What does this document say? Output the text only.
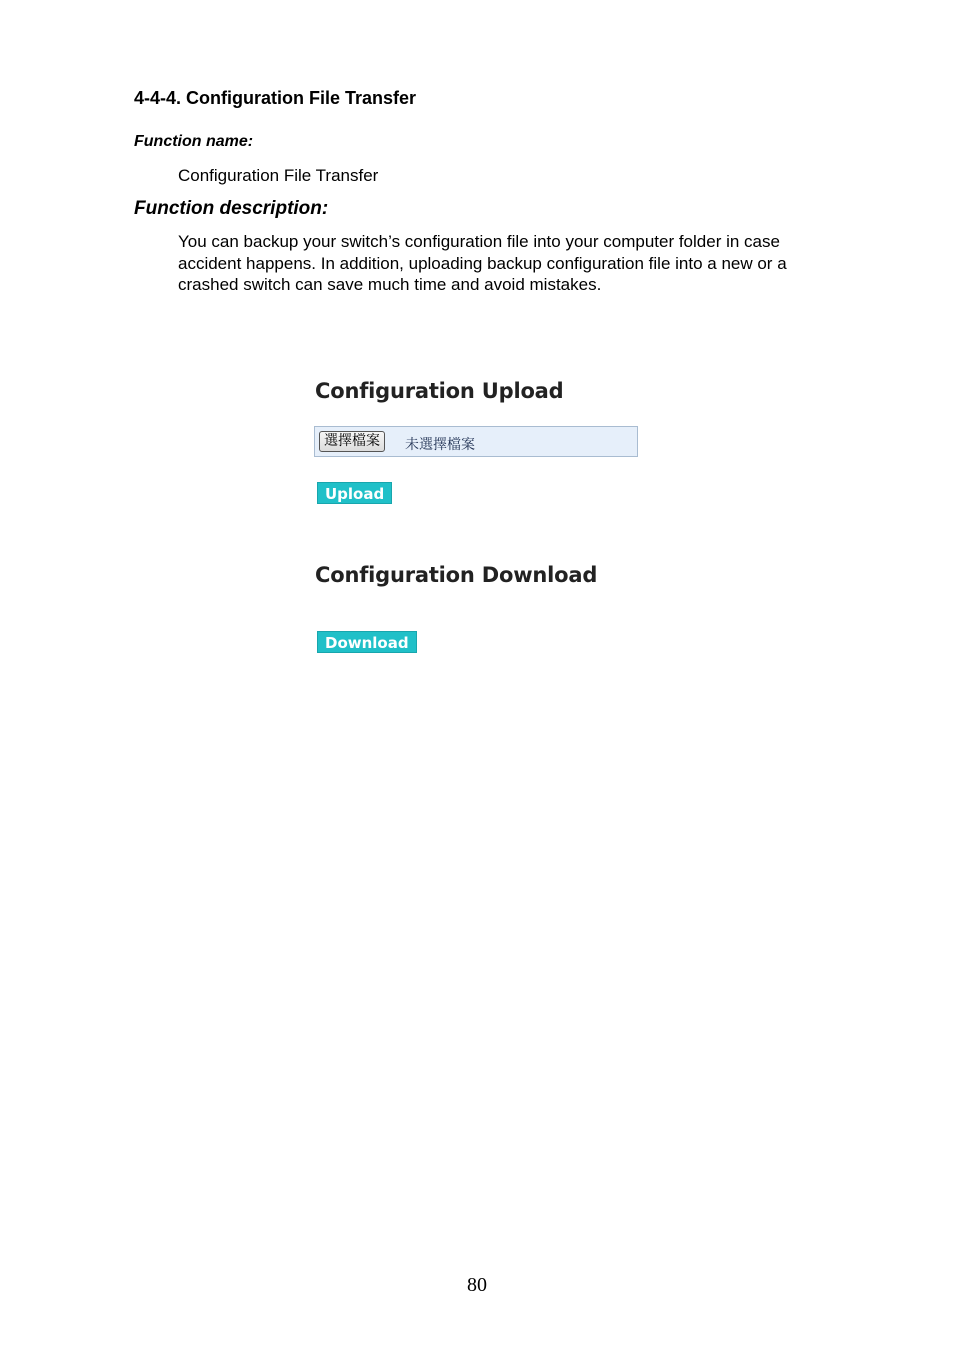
4-4-4. Configuration File Transfer
Function name:
Configuration File Transfer
Function description:
You can backup your switch’s configuration file into your computer folder in case accident happens. In addition, uploading backup configuration file into a new or a crashed switch can save much time and avoid mistakes.
Configuration Upload
選擇檔案	未選擇檔案
Upload
Configuration Download
Download
80
